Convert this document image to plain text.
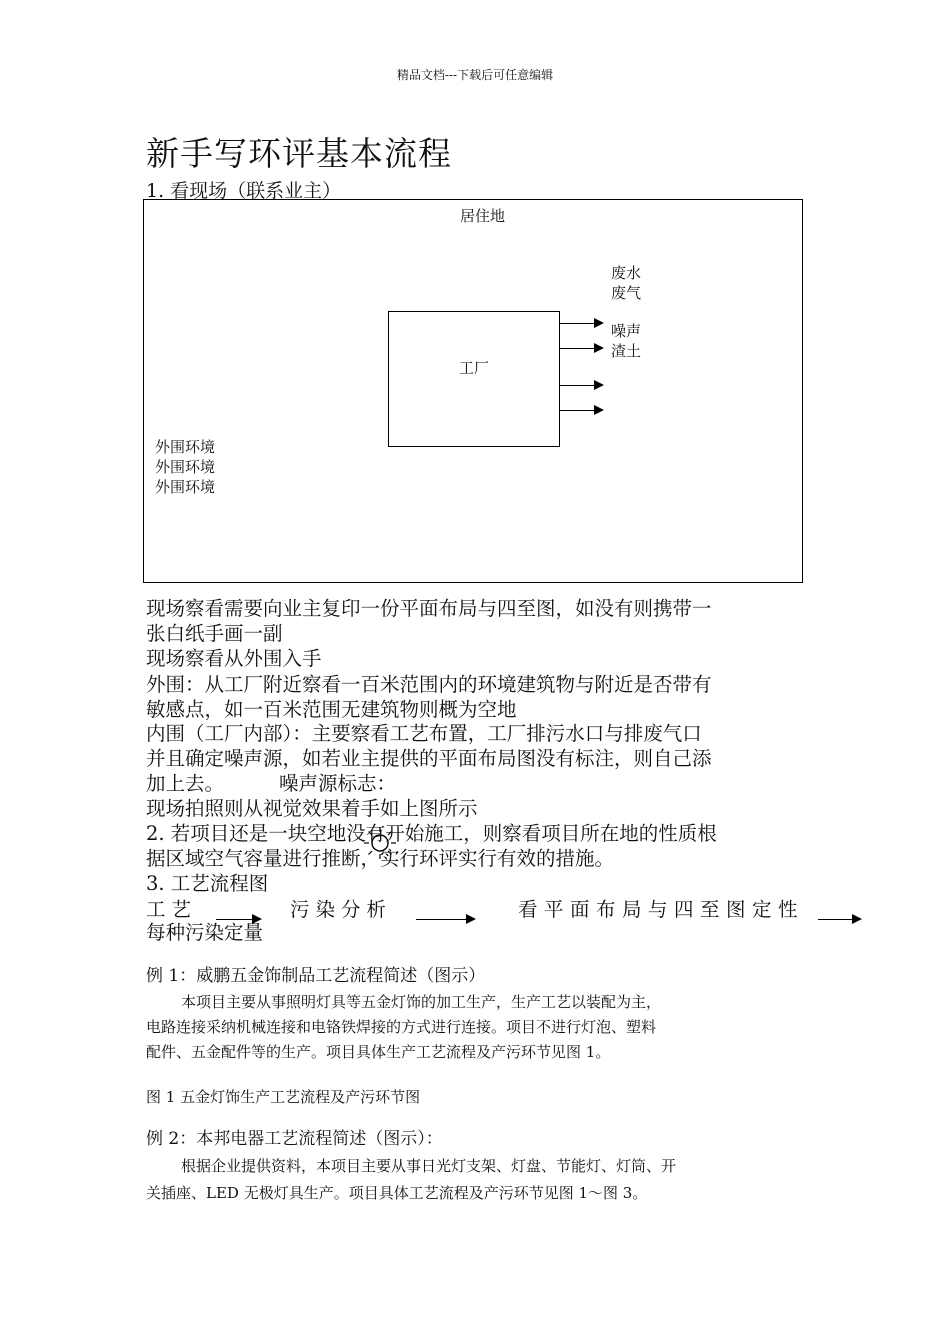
精品文档---下载后可任意编辑
新手写环评基本流程
1. 看现场（联系业主）
居住地
废水
废气
噪声
渣土
工厂
外围环境
外围环境
外围环境
现场察看需要向业主复印一份平面布局与四至图，如没有则携带一
张白纸手画一副
现场察看从外围入手
外围：从工厂附近察看一百米范围内的环境建筑物与附近是否带有
敏感点，如一百米范围无建筑物则概为空地
内围（工厂内部）：主要察看工艺布置，工厂排污水口与排废气口
并且确定噪声源，如若业主提供的平面布局图没有标注，则自己添
加上去。	噪声源标志：
现场拍照则从视觉效果着手如上图所示
2. 若项目还是一块空地没有开始施工，则察看项目所在地的性质根
据区域空气容量进行推断，实行环评实行有效的措施。
3. 工艺流程图
工艺	污染分析	看平面布局与四至图定性
每种污染定量
例 1：威鹏五金饰制品工艺流程简述（图示）
本项目主要从事照明灯具等五金灯饰的加工生产，生产工艺以装配为主，
电路连接采纳机械连接和电铬铁焊接的方式进行连接。项目不进行灯泡、塑料
配件、五金配件等的生产。项目具体生产工艺流程及产污环节见图 1。
图 1 五金灯饰生产工艺流程及产污环节图
例 2：本邦电器工艺流程简述（图示）：
根据企业提供资料，本项目主要从事日光灯支架、灯盘、节能灯、灯筒、开
关插座、LED 无极灯具生产。项目具体工艺流程及产污环节见图 1～图 3。
